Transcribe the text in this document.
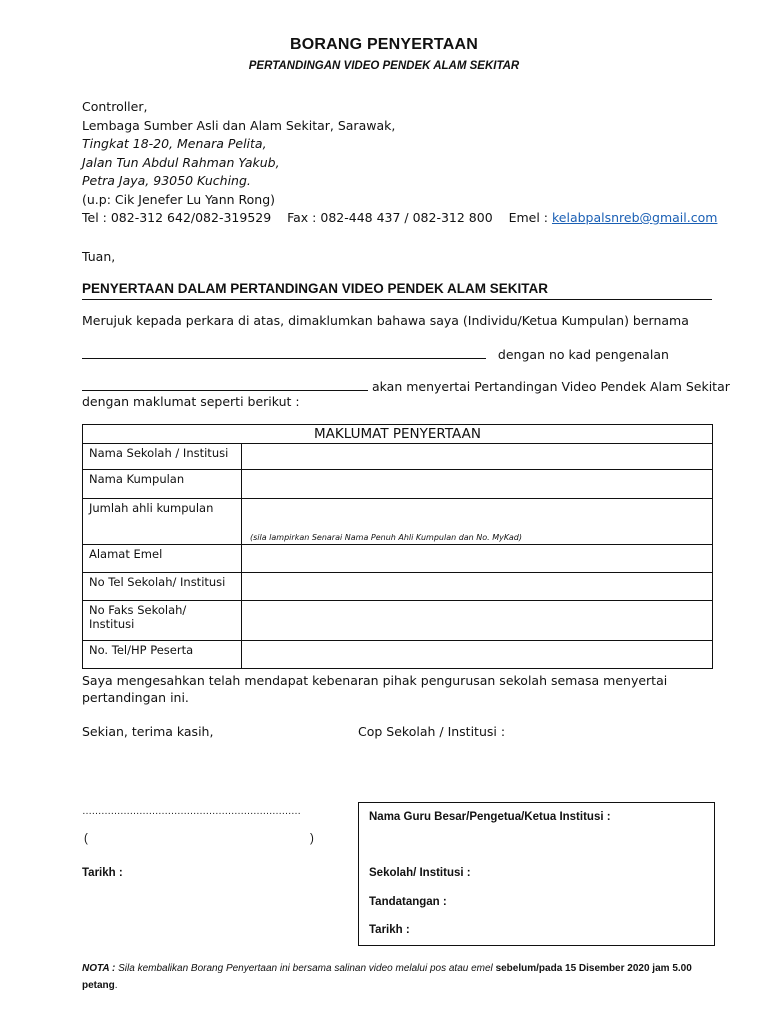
BORANG PENYERTAAN
PERTANDINGAN VIDEO PENDEK ALAM SEKITAR
Controller,
Lembaga Sumber Asli dan Alam Sekitar, Sarawak,
Tingkat 18-20, Menara Pelita,
Jalan Tun Abdul Rahman Yakub,
Petra Jaya, 93050 Kuching.
(u.p: Cik Jenefer Lu Yann Rong)
Tel : 082-312 642/082-319529 Fax : 082-448 437 / 082-312 800 Emel : kelabpalsnreb@gmail.com
Tuan,
PENYERTAAN DALAM PERTANDINGAN VIDEO PENDEK ALAM SEKITAR
Merujuk kepada perkara di atas, dimaklumkan bahawa saya (Individu/Ketua Kumpulan) bernama
dengan no kad pengenalan
akan menyertai Pertandingan Video Pendek Alam Sekitar
dengan maklumat seperti berikut :
MAKLUMAT PENYERTAAN	
Nama Sekolah / Institusi	
Nama Kumpulan	
Jumlah ahli kumpulan	(sila lampirkan Senarai Nama Penuh Ahli Kumpulan dan No. MyKad)

Alamat Emel	
No Tel Sekolah/ Institusi	
No Faks Sekolah/ Institusi	
No. Tel/HP Peserta	
Saya mengesahkan telah mendapat kebenaran pihak pengurusan sekolah semasa menyertai
pertandingan ini.
Sekian, terima kasih,	Cop Sekolah / Institusi :
……………………………………………………………
(	)
Tarikh :
Nama Guru Besar/Pengetua/Ketua Institusi :
Sekolah/ Institusi :
Tandatangan :
Tarikh :
NOTA : Sila kembalikan Borang Penyertaan ini bersama salinan video melalui pos atau emel sebelum/pada 15 Disember 2020 jam 5.00 petang.
